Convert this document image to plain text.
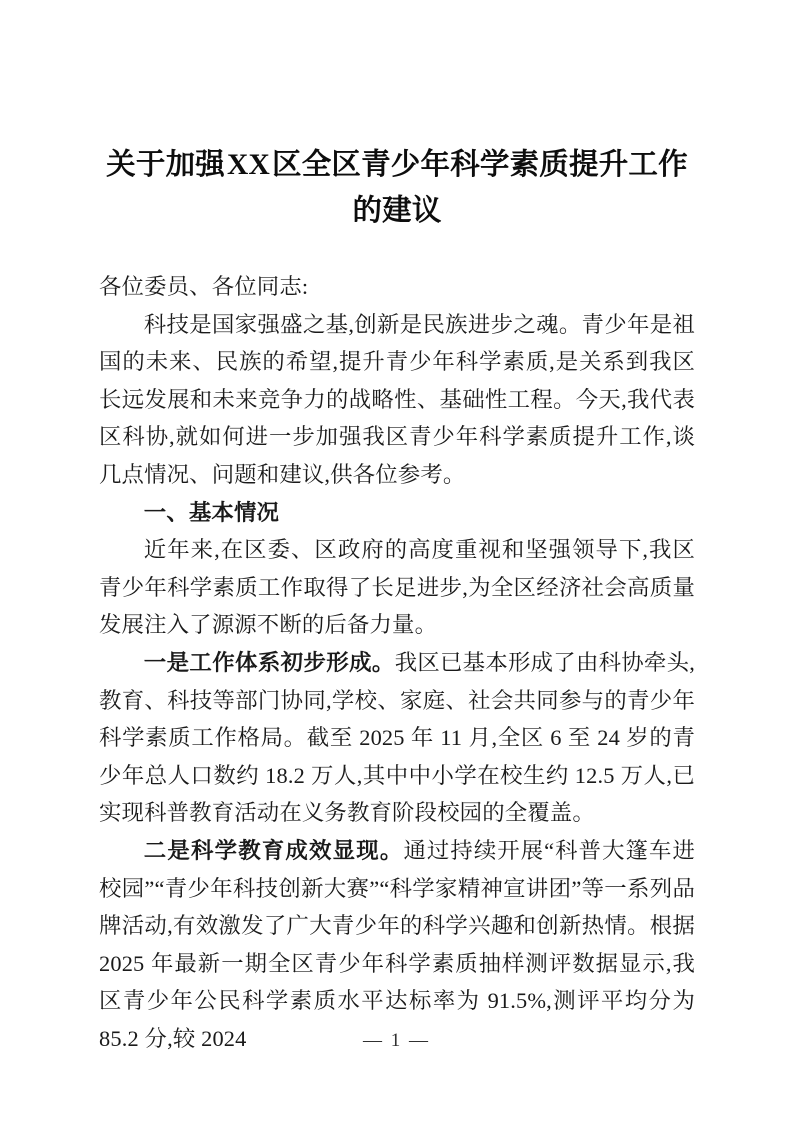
关于加强XX区全区青少年科学素质提升工作的建议

各位委员、各位同志:

科技是国家强盛之基,创新是民族进步之魂。青少年是祖国的未来、民族的希望,提升青少年科学素质,是关系到我区长远发展和未来竞争力的战略性、基础性工程。今天,我代表区科协,就如何进一步加强我区青少年科学素质提升工作,谈几点情况、问题和建议,供各位参考。

一、基本情况

近年来,在区委、区政府的高度重视和坚强领导下,我区青少年科学素质工作取得了长足进步,为全区经济社会高质量发展注入了源源不断的后备力量。

一是工作体系初步形成。我区已基本形成了由科协牵头,教育、科技等部门协同,学校、家庭、社会共同参与的青少年科学素质工作格局。截至 2025 年 11 月,全区 6 至 24 岁的青少年总人口数约 18.2 万人,其中中小学在校生约 12.5 万人,已实现科普教育活动在义务教育阶段校园的全覆盖。

二是科学教育成效显现。通过持续开展“科普大篷车进校园”“青少年科技创新大赛”“科学家精神宣讲团”等一系列品牌活动,有效激发了广大青少年的科学兴趣和创新热情。根据 2025 年最新一期全区青少年科学素质抽样测评数据显示,我区青少年公民科学素质水平达标率为 91.5%,测评平均分为 85.2 分,较 2024	— 1 —
